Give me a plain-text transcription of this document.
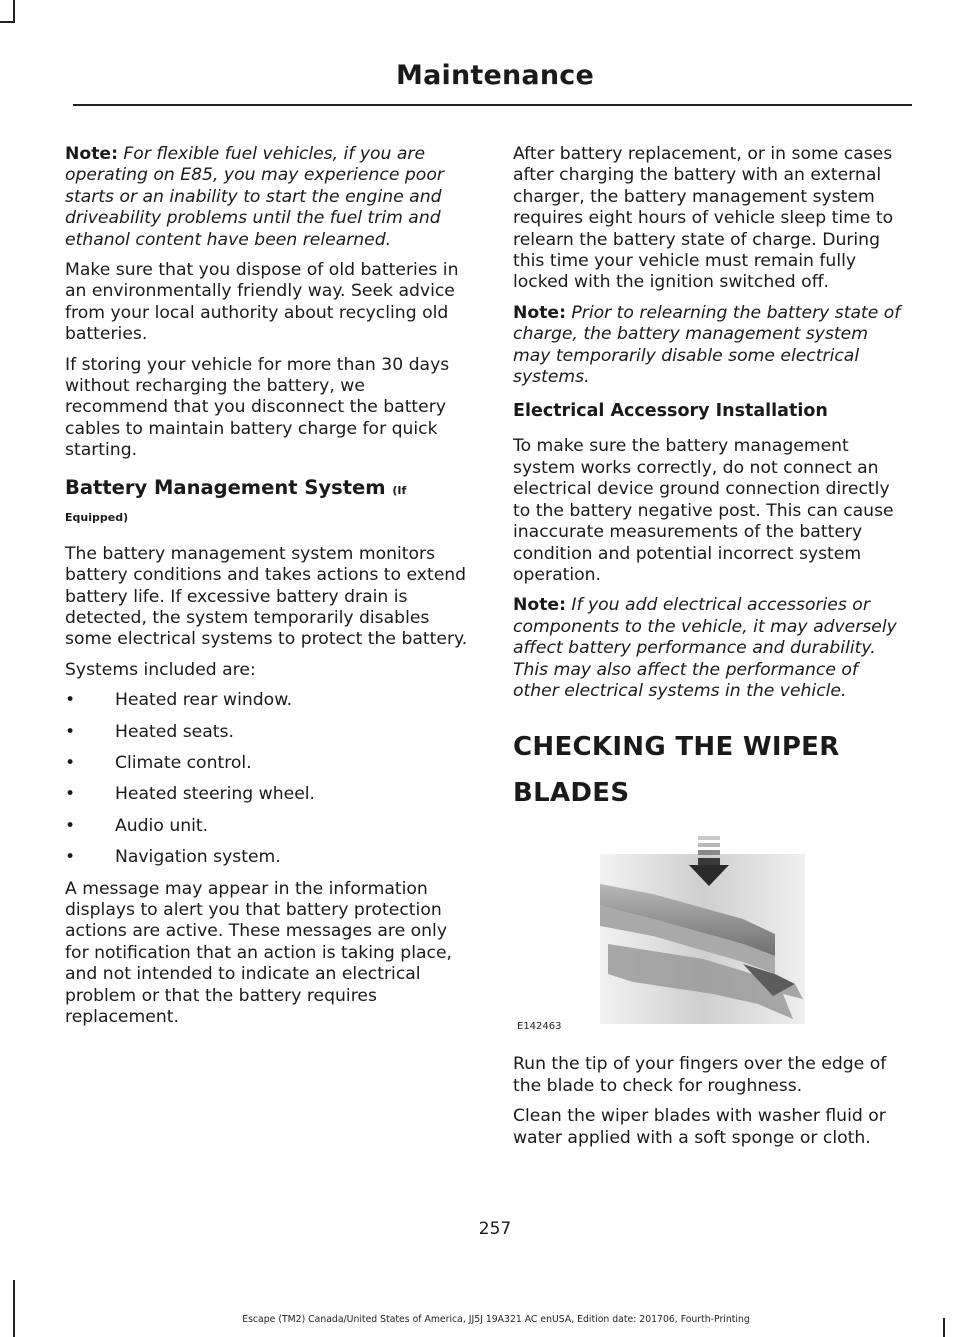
Maintenance

Note: For flexible fuel vehicles, if you are operating on E85, you may experience poor starts or an inability to start the engine and driveability problems until the fuel trim and ethanol content have been relearned.

Make sure that you dispose of old batteries in an environmentally friendly way. Seek advice from your local authority about recycling old batteries.

If storing your vehicle for more than 30 days without recharging the battery, we recommend that you disconnect the battery cables to maintain battery charge for quick starting.

Battery Management System (If
Equipped)

The battery management system monitors battery conditions and takes actions to extend battery life. If excessive battery drain is detected, the system temporarily disables some electrical systems to protect the battery.

Systems included are:

• Heated rear window.
• Heated seats.
• Climate control.
• Heated steering wheel.
• Audio unit.
• Navigation system.

A message may appear in the information displays to alert you that battery protection actions are active. These messages are only for notification that an action is taking place, and not intended to indicate an electrical problem or that the battery requires replacement.

After battery replacement, or in some cases after charging the battery with an external charger, the battery management system requires eight hours of vehicle sleep time to relearn the battery state of charge. During this time your vehicle must remain fully locked with the ignition switched off.

Note: Prior to relearning the battery state of charge, the battery management system may temporarily disable some electrical systems.

Electrical Accessory Installation

To make sure the battery management system works correctly, do not connect an electrical device ground connection directly to the battery negative post. This can cause inaccurate measurements of the battery condition and potential incorrect system operation.

Note: If you add electrical accessories or components to the vehicle, it may adversely affect battery performance and durability. This may also affect the performance of other electrical systems in the vehicle.

CHECKING THE WIPER
BLADES
E142463

Run the tip of your fingers over the edge of the blade to check for roughness.

Clean the wiper blades with washer fluid or water applied with a soft sponge or cloth.

257
Escape (TM2) Canada/United States of America, JJ5J 19A321 AC enUSA, Edition date: 201706, Fourth-Printing
